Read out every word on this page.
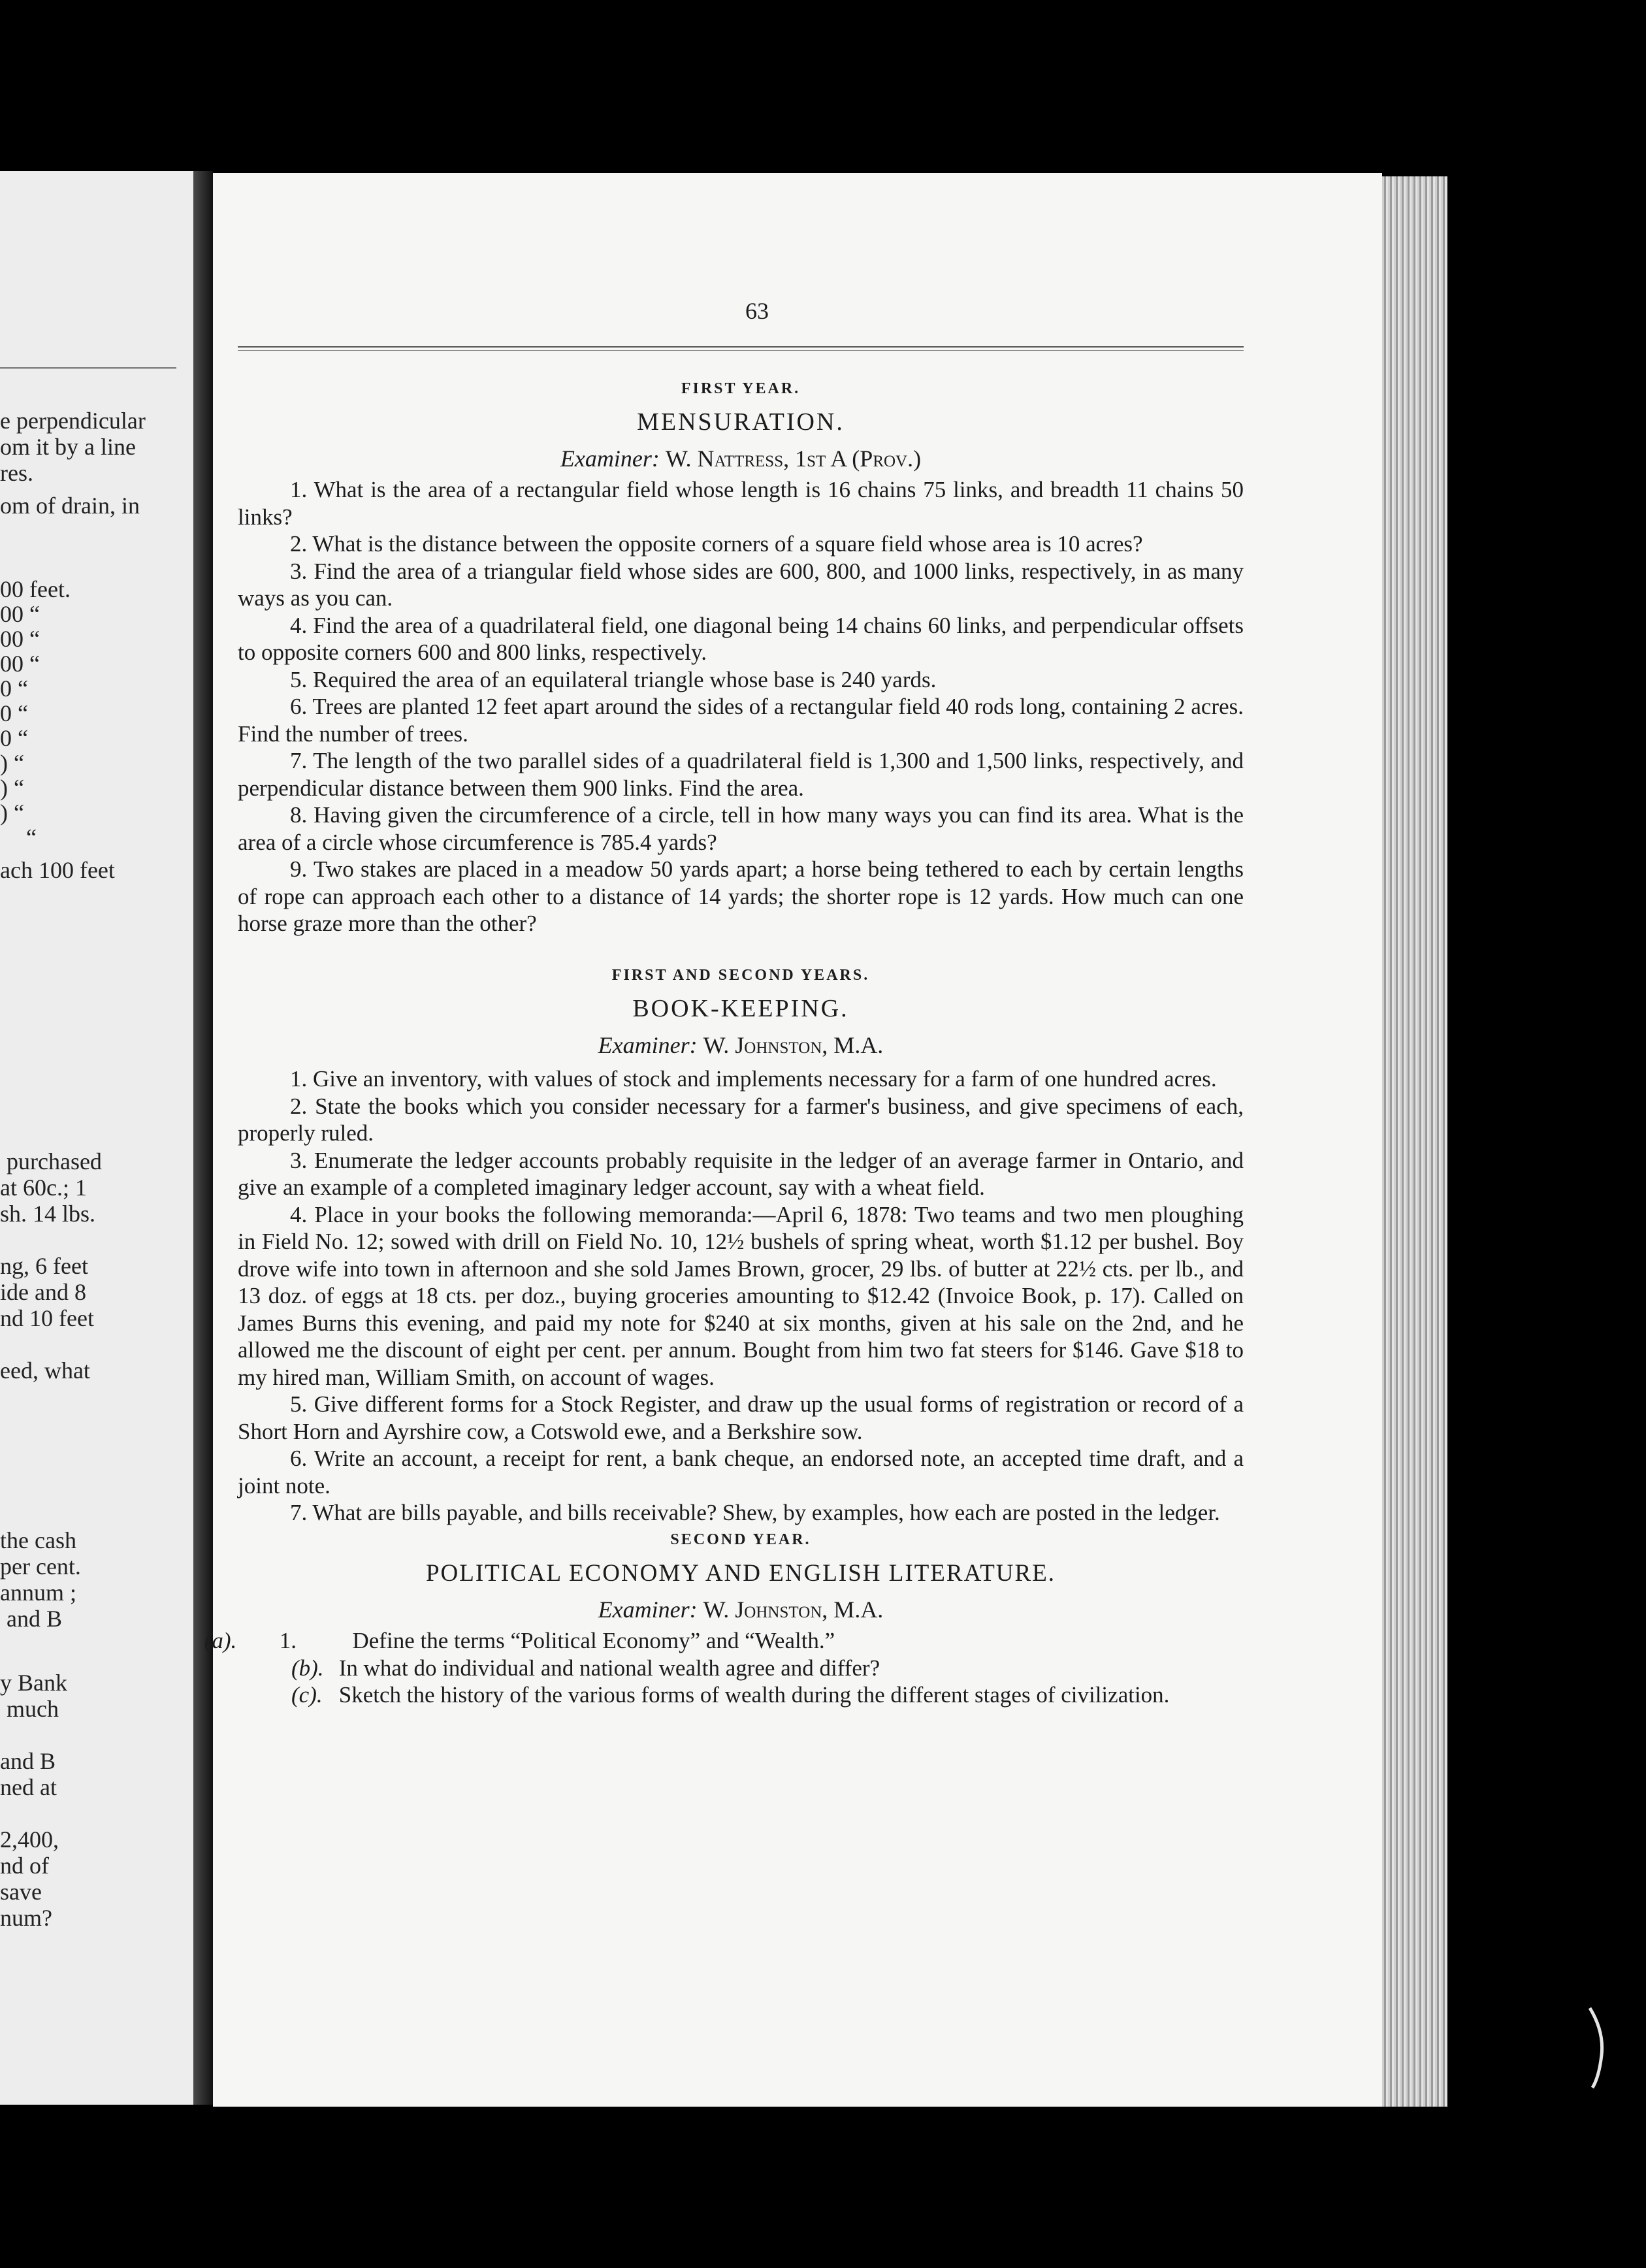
e perpendicular
om it by a line
res.
om of drain, in
00 feet.
00 “
00 “
00 “
0 “
0 “
0 “
) “
) “
) “
“
ach 100 feet
purchased
at 60c.; 1
sh. 14 lbs.
ng, 6 feet
ide and 8
nd 10 feet
eed, what
the cash
per cent.
annum ;
and B
y Bank
much
and B
ned at
2,400,
nd of
save
num?
63
FIRST YEAR.
MENSURATION.
Examiner: W. Nattress, 1st A (Prov.)

1. What is the area of a rectangular field whose length is 16 chains 75 links, and breadth 11 chains 50 links?

2. What is the distance between the opposite corners of a square field whose area is 10 acres?

3. Find the area of a triangular field whose sides are 600, 800, and 1000 links, respectively, in as many ways as you can.

4. Find the area of a quadrilateral field, one diagonal being 14 chains 60 links, and perpendicular offsets to opposite corners 600 and 800 links, respectively.

5. Required the area of an equilateral triangle whose base is 240 yards.

6. Trees are planted 12 feet apart around the sides of a rectangular field 40 rods long, containing 2 acres. Find the number of trees.

7. The length of the two parallel sides of a quadrilateral field is 1,300 and 1,500 links, respectively, and perpendicular distance between them 900 links. Find the area.

8. Having given the circumference of a circle, tell in how many ways you can find its area. What is the area of a circle whose circumference is 785.4 yards?

9. Two stakes are placed in a meadow 50 yards apart; a horse being tethered to each by certain lengths of rope can approach each other to a distance of 14 yards; the shorter rope is 12 yards. How much can one horse graze more than the other?

FIRST AND SECOND YEARS.
BOOK-KEEPING.
Examiner: W. Johnston, M.A.

1. Give an inventory, with values of stock and implements necessary for a farm of one hundred acres.

2. State the books which you consider necessary for a farmer's business, and give specimens of each, properly ruled.

3. Enumerate the ledger accounts probably requisite in the ledger of an average farmer in Ontario, and give an example of a completed imaginary ledger account, say with a wheat field.

4. Place in your books the following memoranda:—April 6, 1878: Two teams and two men ploughing in Field No. 12; sowed with drill on Field No. 10, 12½ bushels of spring wheat, worth $1.12 per bushel. Boy drove wife into town in afternoon and she sold James Brown, grocer, 29 lbs. of butter at 22½ cts. per lb., and 13 doz. of eggs at 18 cts. per doz., buying groceries amounting to $12.42 (Invoice Book, p. 17). Called on James Burns this evening, and paid my note for $240 at six months, given at his sale on the 2nd, and he allowed me the discount of eight per cent. per annum. Bought from him two fat steers for $146. Gave $18 to my hired man, William Smith, on account of wages.

5. Give different forms for a Stock Register, and draw up the usual forms of registration or record of a Short Horn and Ayrshire cow, a Cotswold ewe, and a Berkshire sow.

6. Write an account, a receipt for rent, a bank cheque, an endorsed note, an accepted time draft, and a joint note.

7. What are bills payable, and bills receivable? Shew, by examples, how each are posted in the ledger.

SECOND YEAR.
POLITICAL ECONOMY AND ENGLISH LITERATURE.
Examiner: W. Johnston, M.A.

1. (a).	Define the terms “Political Economy” and “Wealth.”

(b). In what do individual and national wealth agree and differ?

(c). Sketch the history of the various forms of wealth during the different stages of civilization.
